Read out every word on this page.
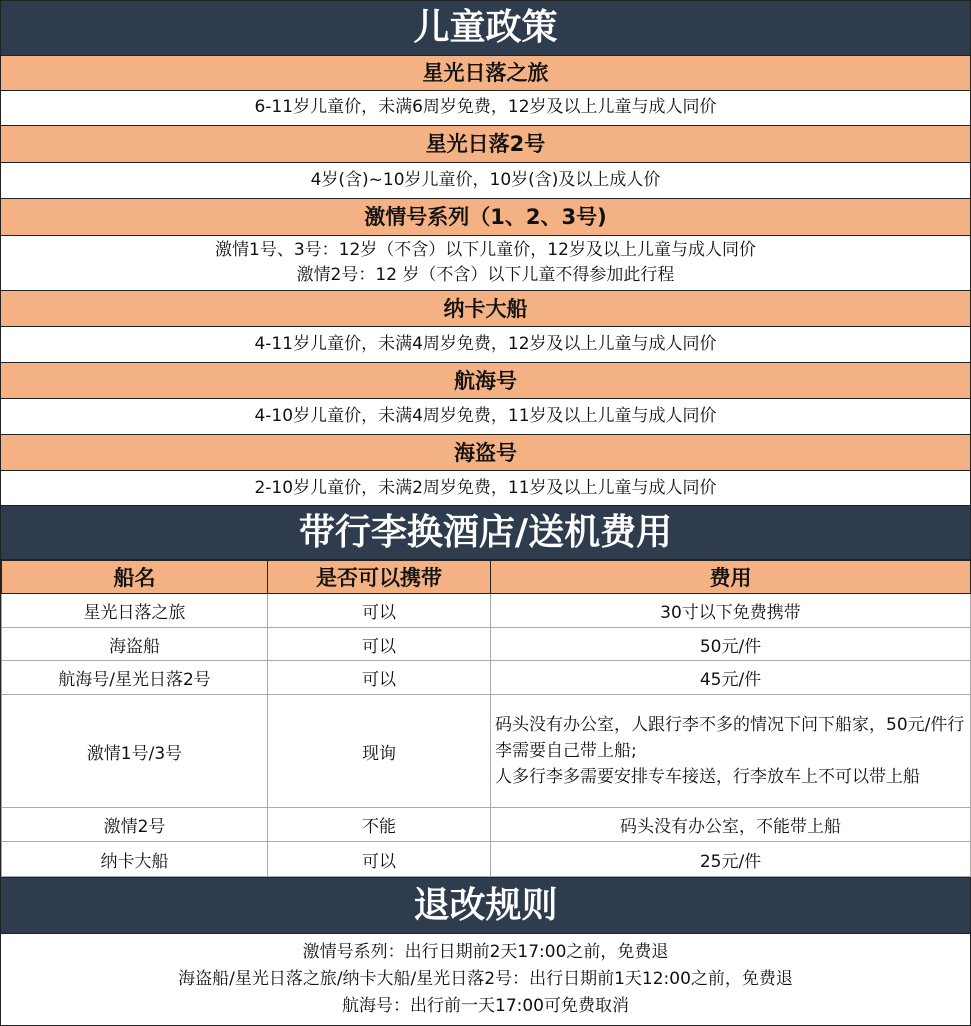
儿童政策
星光日落之旅
6-11岁儿童价，未满6周岁免费，12岁及以上儿童与成人同价
星光日落2号
4岁(含)~10岁儿童价，10岁(含)及以上成人价
激情号系列（1、2、3号)
激情1号、3号：12岁（不含）以下儿童价，12岁及以上儿童与成人同价
激情2号：12 岁（不含）以下儿童不得参加此行程
纳卡大船
4-11岁儿童价，未满4周岁免费，12岁及以上儿童与成人同价
航海号
4-10岁儿童价，未满4周岁免费，11岁及以上儿童与成人同价
海盗号
2-10岁儿童价，未满2周岁免费，11岁及以上儿童与成人同价
带行李换酒店/送机费用
船名	是否可以携带	费用
星光日落之旅	可以	30寸以下免费携带
海盗船	可以	50元/件
航海号/星光日落2号	可以	45元/件
激情1号/3号	现询	码头没有办公室，人跟行李不多的情况下问下船家，50元/件行李需要自己带上船;
人多行李多需要安排专车接送，行李放车上不可以带上船

激情2号	不能	码头没有办公室，不能带上船
纳卡大船	可以	25元/件
退改规则
激情号系列：出行日期前2天17:00之前，免费退
海盗船/星光日落之旅/纳卡大船/星光日落2号：出行日期前1天12:00之前，免费退
航海号：出行前一天17:00可免费取消
